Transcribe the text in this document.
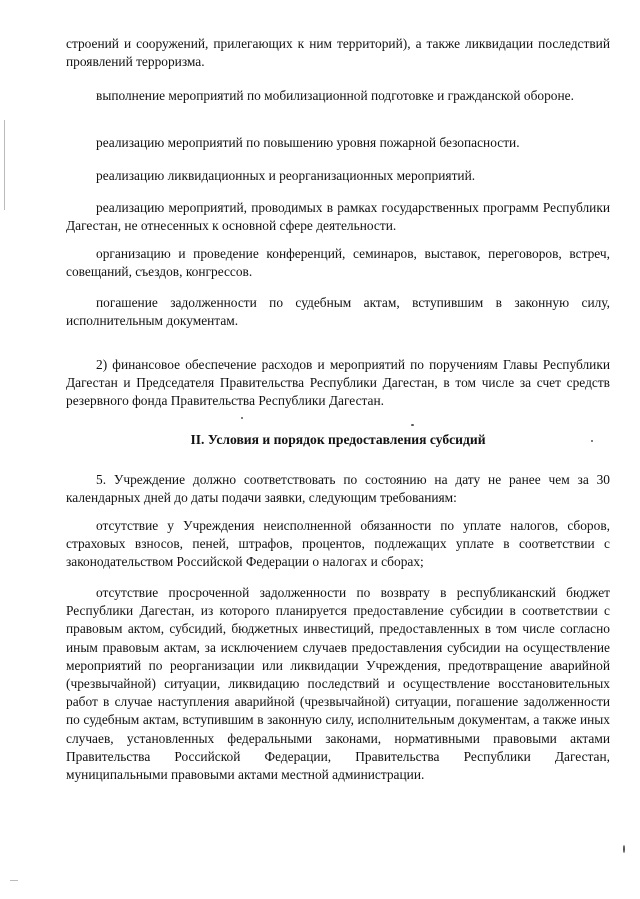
строений и сооружений, прилегающих к ним территорий), а также ликвидации последствий проявлений терроризма.

выполнение мероприятий по мобилизационной подготовке и гражданской обороне.

реализацию мероприятий по повышению уровня пожарной безопасности.

реализацию ликвидационных и реорганизационных мероприятий.

реализацию мероприятий, проводимых в рамках государственных программ Республики Дагестан, не отнесенных к основной сфере деятельности.

организацию и проведение конференций, семинаров, выставок, переговоров, встреч, совещаний, съездов, конгрессов.

погашение задолженности по судебным актам, вступившим в законную силу, исполнительным документам.

2) финансовое обеспечение расходов и мероприятий по поручениям Главы Республики Дагестан и Председателя Правительства Республики Дагестан, в том числе за счет средств резервного фонда Правительства Республики Дагестан.

II. Условия и порядок предоставления субсидий

5. Учреждение должно соответствовать по состоянию на дату не ранее чем за 30 календарных дней до даты подачи заявки, следующим требованиям:

отсутствие у Учреждения неисполненной обязанности по уплате налогов, сборов, страховых взносов, пеней, штрафов, процентов, подлежащих уплате в соответствии с законодательством Российской Федерации о налогах и сборах;

отсутствие просроченной задолженности по возврату в республиканский бюджет Республики Дагестан, из которого планируется предоставление субсидии в соответствии с правовым актом, субсидий, бюджетных инвестиций, предоставленных в том числе согласно иным правовым актам, за исключением случаев предоставления субсидии на осуществление мероприятий по реорганизации или ликвидации Учреждения, предотвращение аварийной (чрезвычайной) ситуации, ликвидацию последствий и осуществление восстановительных работ в случае наступления аварийной (чрезвычайной) ситуации, погашение задолженности по судебным актам, вступившим в законную силу, исполнительным документам, а также иных случаев, установленных федеральными законами, нормативными правовыми актами Правительства Российской Федерации, Правительства Республики Дагестан, муниципальными правовыми актами местной администрации.
